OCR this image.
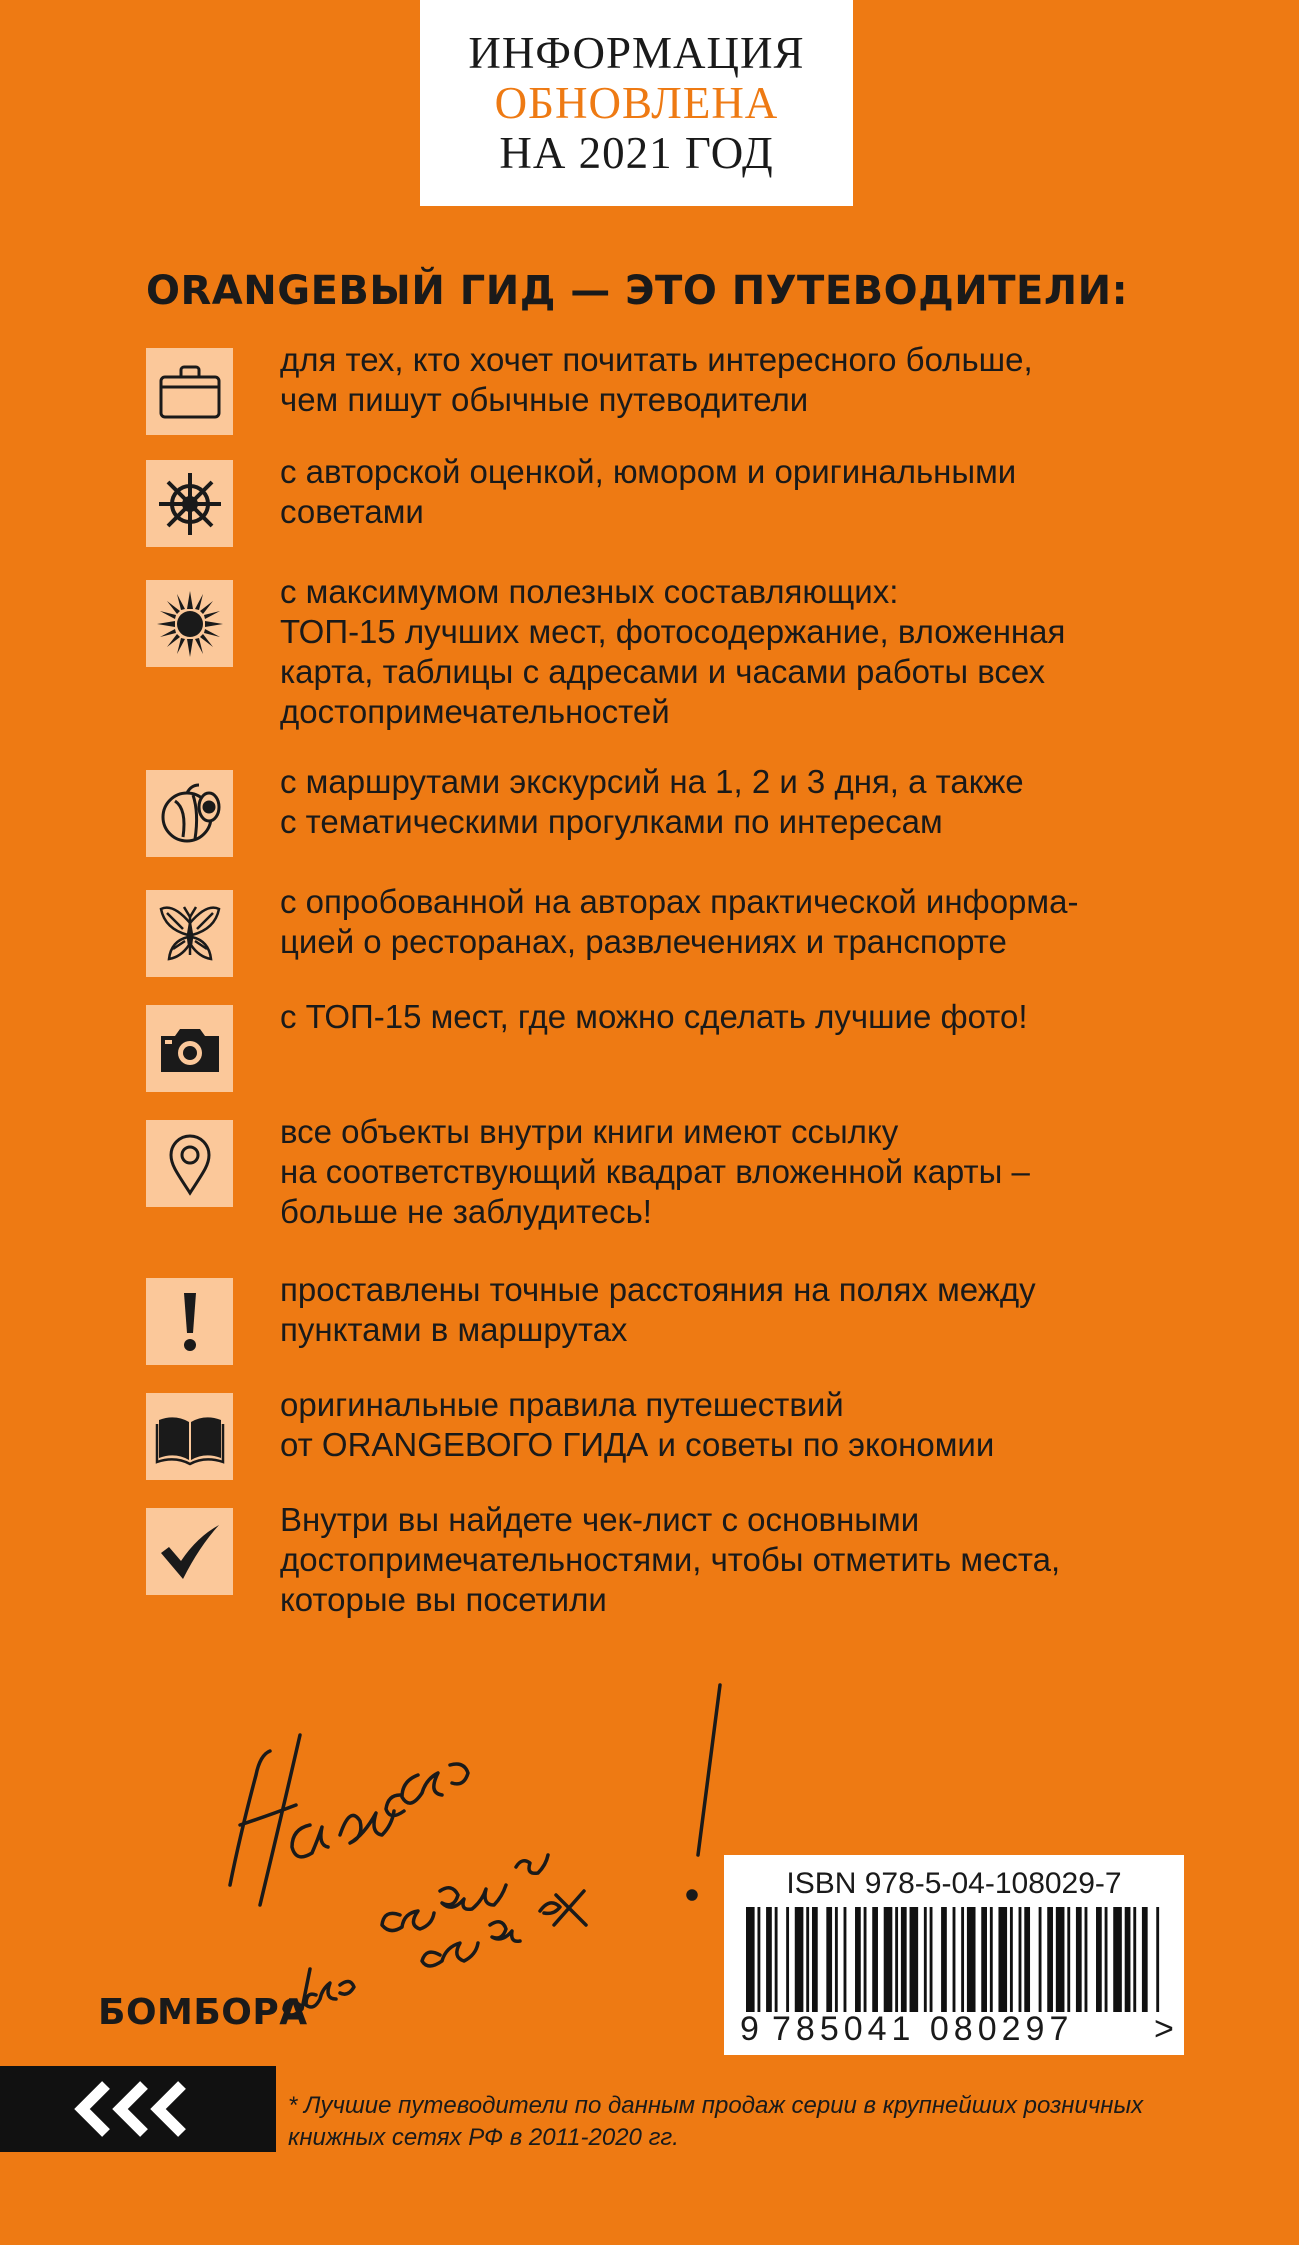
ИНФОРМАЦИЯ
ОБНОВЛЕНА
НА 2021 ГОД
ORANGEВЫЙ ГИД — ЭТО ПУТЕВОДИТЕЛИ:
для тех, кто хочет почитать интересного больше,
чем пишут обычные путеводители
с авторской оценкой, юмором и оригинальными
советами
с максимумом полезных составляющих:
ТОП-15 лучших мест, фотосодержание, вложенная
карта, таблицы с адресами и часами работы всех
достопримечательностей
с маршрутами экскурсий на 1, 2 и 3 дня, а также
с тематическими прогулками по интересам
с опробованной на авторах практической информа-
цией о ресторанах, развлечениях и транспорте
с ТОП-15 мест, где можно сделать лучшие фото!
все объекты внутри книги имеют ссылку
на соответствующий квадрат вложенной карты –
больше не заблудитесь!
проставлены точные расстояния на полях между
пунктами в маршрутах
оригинальные правила путешествий
от ORANGEВОГО ГИДА и советы по экономии
Внутри вы найдете чек-лист с основными
достопримечательностями, чтобы отметить места,
которые вы посетили
ISBN 978-5-04-108029-7
9 785041 080297 >
БОМБОРА
* Лучшие путеводители по данным продаж серии в крупнейших розничных
книжных сетях РФ в 2011-2020 гг.
